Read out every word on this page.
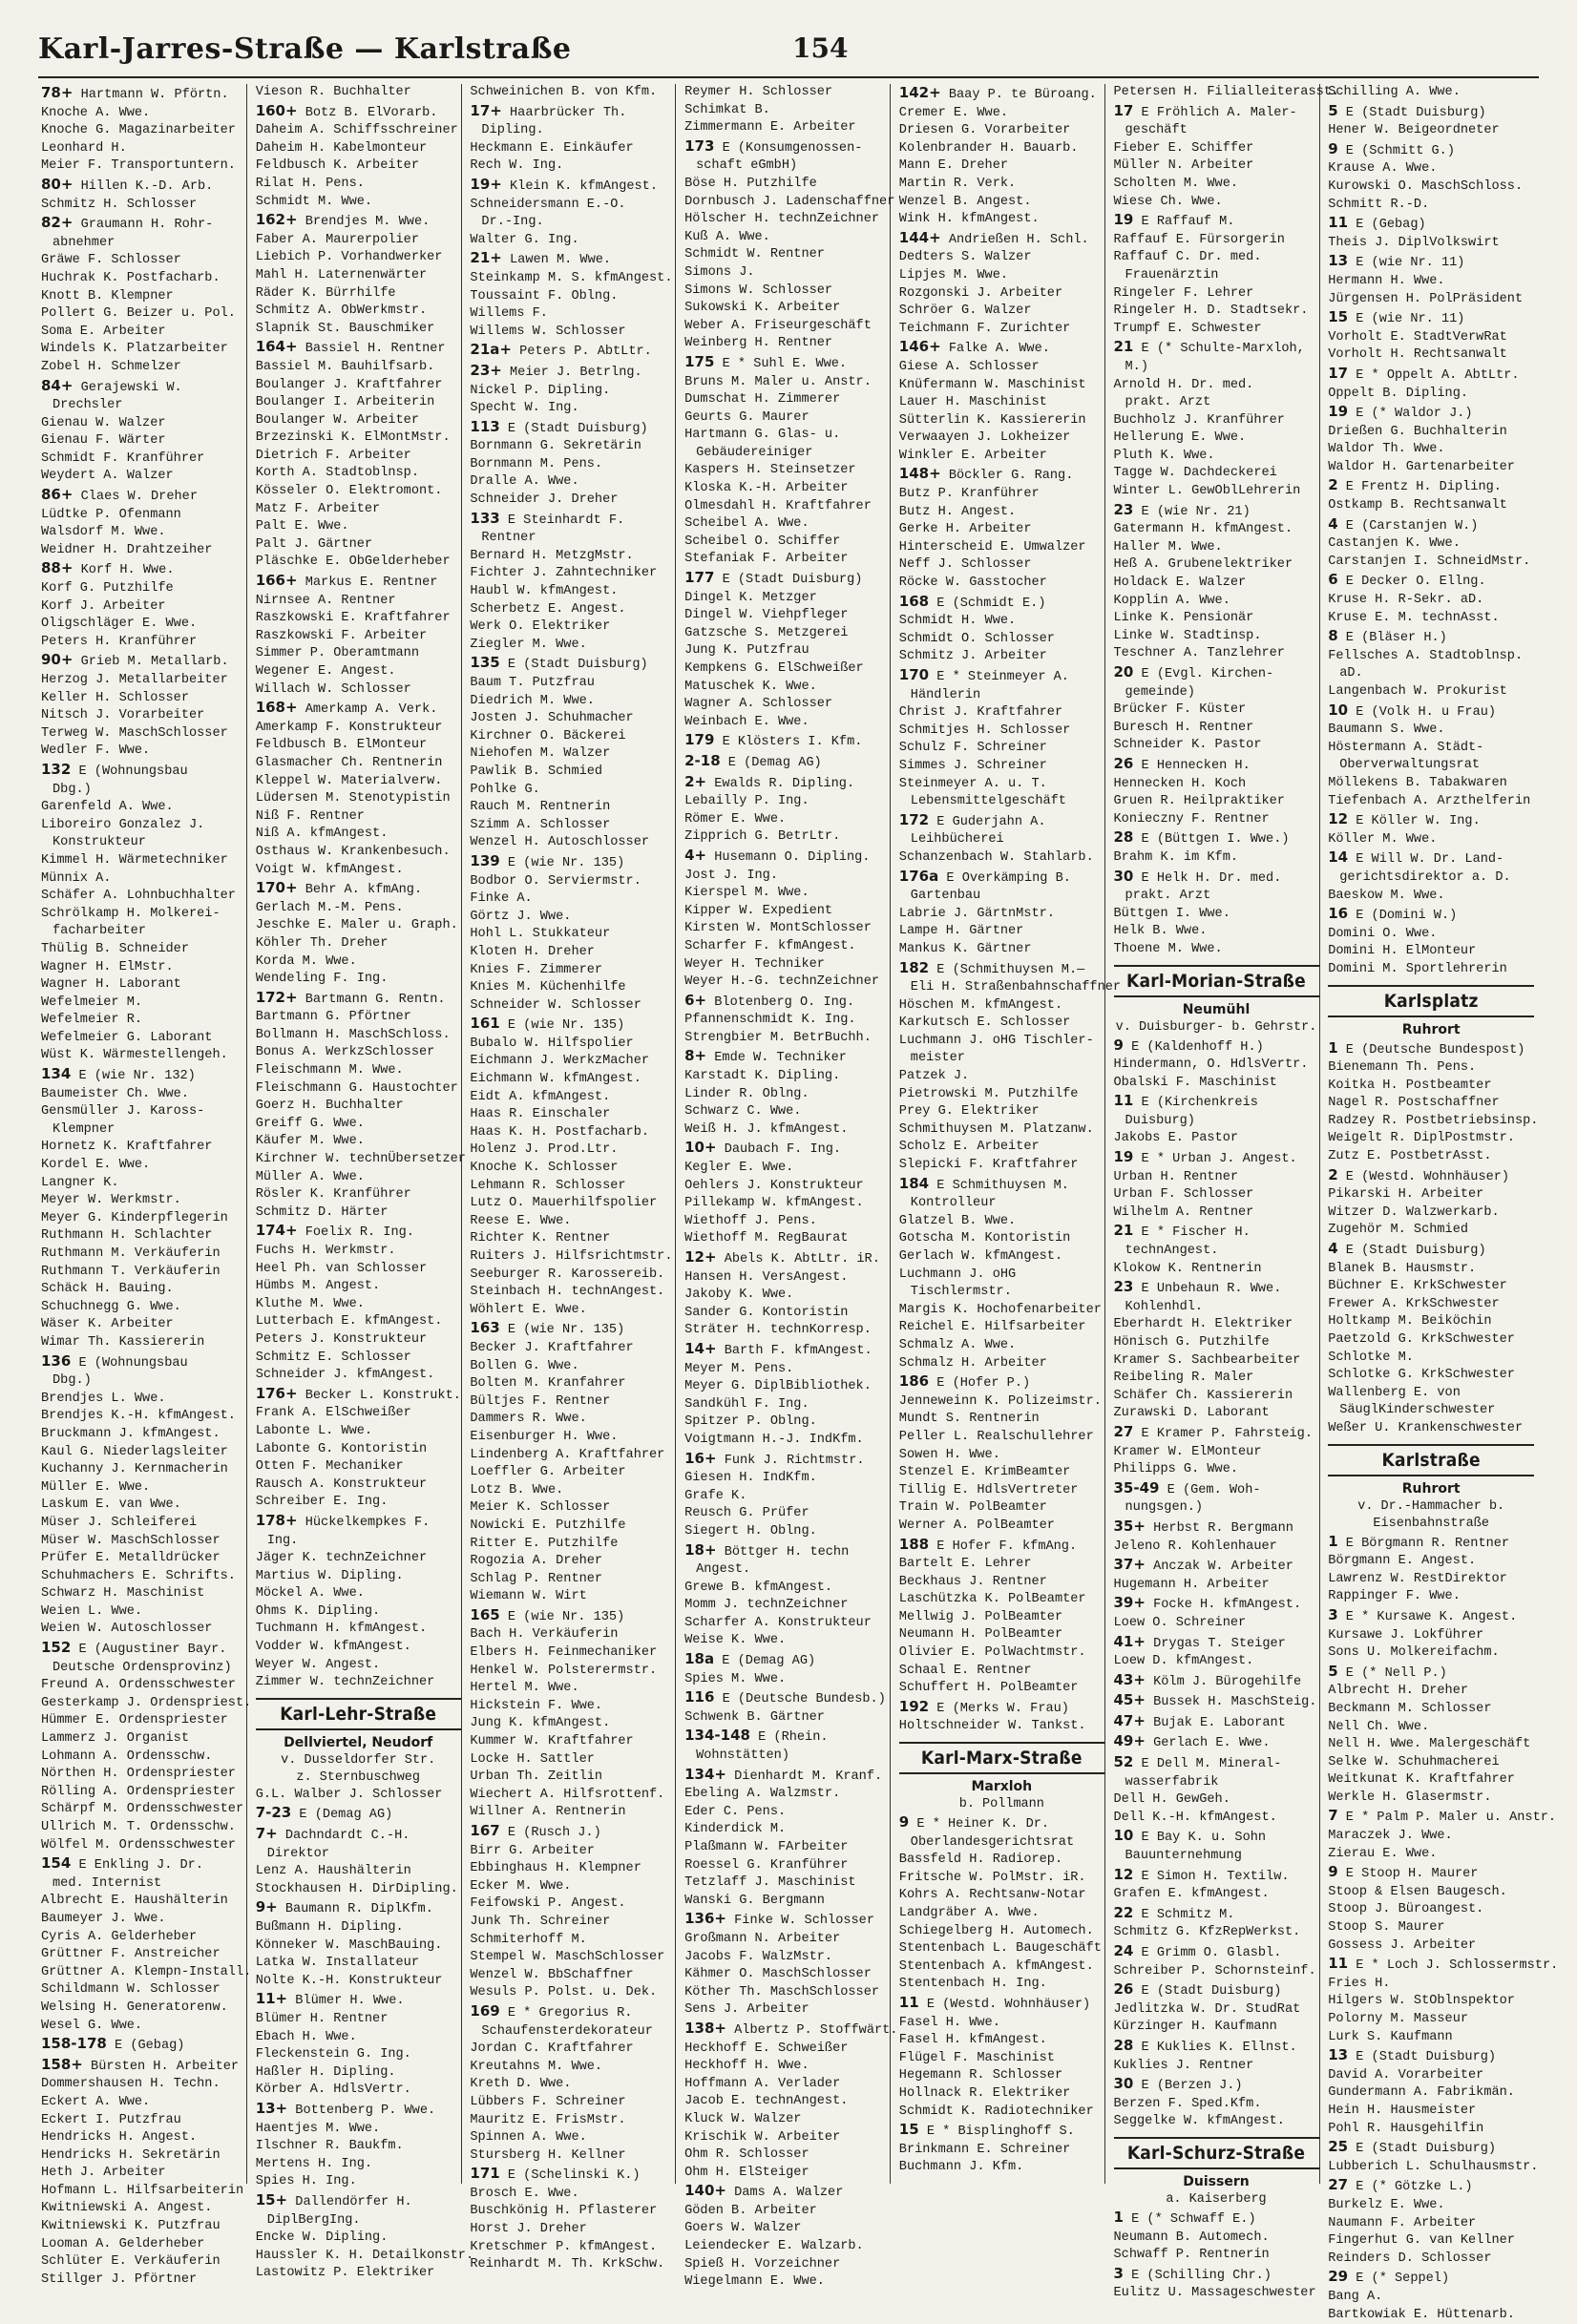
Karl-Jarres-Straße — Karlstraße	154
78+ Hartmann W. Pförtn.
Knoche A. Wwe.
Knoche G. Magazinarbeiter
Leonhard H.
Meier F. Transportuntern.
80+ Hillen K.-D. Arb.
Schmitz H. Schlosser
82+ Graumann H. Rohr-
abnehmer
Gräwe F. Schlosser
Huchrak K. Postfacharb.
Knott B. Klempner
Pollert G. Beizer u. Pol.
Soma E. Arbeiter
Windels K. Platzarbeiter
Zobel H. Schmelzer
84+ Gerajewski W.
Drechsler
Gienau W. Walzer
Gienau F. Wärter
Schmidt F. Kranführer
Weydert A. Walzer
86+ Claes W. Dreher
Lüdtke P. Ofenmann
Walsdorf M. Wwe.
Weidner H. Drahtzeiher
88+ Korf H. Wwe.
Korf G. Putzhilfe
Korf J. Arbeiter
Oligschläger E. Wwe.
Peters H. Kranführer
90+ Grieb M. Metallarb.
Herzog J. Metallarbeiter
Keller H. Schlosser
Nitsch J. Vorarbeiter
Terweg W. MaschSchlosser
Wedler F. Wwe.
132 E (Wohnungsbau
Dbg.)
Garenfeld A. Wwe.
Liboreiro Gonzalez J.
Konstrukteur
Kimmel H. Wärmetechniker
Münnix A.
Schäfer A. Lohnbuchhalter
Schrölkamp H. Molkerei-
facharbeiter
Thülig B. Schneider
Wagner H. ElMstr.
Wagner H. Laborant
Wefelmeier M.
Wefelmeier R.
Wefelmeier G. Laborant
Wüst K. Wärmestellengeh.
134 E (wie Nr. 132)
Baumeister Ch. Wwe.
Gensmüller J. Kaross-
Klempner
Hornetz K. Kraftfahrer
Kordel E. Wwe.
Langner K.
Meyer W. Werkmstr.
Meyer G. Kinderpflegerin
Ruthmann H. Schlachter
Ruthmann M. Verkäuferin
Ruthmann T. Verkäuferin
Schäck H. Bauing.
Schuchnegg G. Wwe.
Wäser K. Arbeiter
Wimar Th. Kassiererin
136 E (Wohnungsbau
Dbg.)
Brendjes L. Wwe.
Brendjes K.-H. kfmAngest.
Bruckmann J. kfmAngest.
Kaul G. Niederlagsleiter
Kuchanny J. Kernmacherin
Müller E. Wwe.
Laskum E. van Wwe.
Müser J. Schleiferei
Müser W. MaschSchlosser
Prüfer E. Metalldrücker
Schuhmachers E. Schrifts.
Schwarz H. Maschinist
Weien L. Wwe.
Weien W. Autoschlosser
152 E (Augustiner Bayr.
Deutsche Ordensprovinz)
Freund A. Ordensschwester
Gesterkamp J. Ordenspriest.
Hümmer E. Ordenspriester
Lammerz J. Organist
Lohmann A. Ordensschw.
Nörthen H. Ordenspriester
Rölling A. Ordenspriester
Schärpf M. Ordensschwester
Ullrich M. T. Ordensschw.
Wölfel M. Ordensschwester
154 E Enkling J. Dr.
med. Internist
Albrecht E. Haushälterin
Baumeyer J. Wwe.
Cyris A. Gelderheber
Grüttner F. Anstreicher
Grüttner A. Klempn-Install.
Schildmann W. Schlosser
Welsing H. Generatorenw.
Wesel G. Wwe.
158-178 E (Gebag)
158+ Bürsten H. Arbeiter
Dommershausen H. Techn.
Eckert A. Wwe.
Eckert I. Putzfrau
Hendricks H. Angest.
Hendricks H. Sekretärin
Heth J. Arbeiter
Hofmann L. Hilfsarbeiterin
Kwitniewski A. Angest.
Kwitniewski K. Putzfrau
Looman A. Gelderheber
Schlüter E. Verkäuferin
Stillger J. Pförtner
Vieson R. Buchhalter
160+ Botz B. ElVorarb.
Daheim A. Schiffsschreiner
Daheim H. Kabelmonteur
Feldbusch K. Arbeiter
Rilat H. Pens.
Schmidt M. Wwe.
162+ Brendjes M. Wwe.
Faber A. Maurerpolier
Liebich P. Vorhandwerker
Mahl H. Laternenwärter
Räder K. Bürrhilfe
Schmitz A. ObWerkmstr.
Slapnik St. Bauschmiker
164+ Bassiel H. Rentner
Bassiel M. Bauhilfsarb.
Boulanger J. Kraftfahrer
Boulanger I. Arbeiterin
Boulanger W. Arbeiter
Brzezinski K. ElMontMstr.
Dietrich F. Arbeiter
Korth A. Stadtoblnsp.
Kösseler O. Elektromont.
Matz F. Arbeiter
Palt E. Wwe.
Palt J. Gärtner
Pläschke E. ObGelderheber
166+ Markus E. Rentner
Nirnsee A. Rentner
Raszkowski E. Kraftfahrer
Raszkowski F. Arbeiter
Simmer P. Oberamtmann
Wegener E. Angest.
Willach W. Schlosser
168+ Amerkamp A. Verk.
Amerkamp F. Konstrukteur
Feldbusch B. ElMonteur
Glasmacher Ch. Rentnerin
Kleppel W. Materialverw.
Lüdersen M. Stenotypistin
Niß F. Rentner
Niß A. kfmAngest.
Osthaus W. Krankenbesuch.
Voigt W. kfmAngest.
170+ Behr A. kfmAng.
Gerlach M.-M. Pens.
Jeschke E. Maler u. Graph.
Köhler Th. Dreher
Korda M. Wwe.
Wendeling F. Ing.
172+ Bartmann G. Rentn.
Bartmann G. Pförtner
Bollmann H. MaschSchloss.
Bonus A. WerkzSchlosser
Fleischmann M. Wwe.
Fleischmann G. Haustochter
Goerz H. Buchhalter
Greiff G. Wwe.
Käufer M. Wwe.
Kirchner W. technÜbersetzer
Müller A. Wwe.
Rösler K. Kranführer
Schmitz D. Härter
174+ Foelix R. Ing.
Fuchs H. Werkmstr.
Heel Ph. van Schlosser
Hümbs M. Angest.
Kluthe M. Wwe.
Lutterbach E. kfmAngest.
Peters J. Konstrukteur
Schmitz E. Schlosser
Schneider J. kfmAngest.
176+ Becker L. Konstrukt.
Frank A. ElSchweißer
Labonte L. Wwe.
Labonte G. Kontoristin
Otten F. Mechaniker
Rausch A. Konstrukteur
Schreiber E. Ing.
178+ Hückelkempkes F.
Ing.
Jäger K. technZeichner
Martius W. Dipling.
Möckel A. Wwe.
Ohms K. Dipling.
Tuchmann H. kfmAngest.
Vodder W. kfmAngest.
Weyer W. Angest.
Zimmer W. technZeichner
Karl-Lehr-Straße
Dellviertel, Neudorf
v. Dusseldorfer Str.
z. Sternbuschweg
G.L. Walber J. Schlosser
7-23 E (Demag AG)
7+ Dachndardt C.-H.
Direktor
Lenz A. Haushälterin
Stockhausen H. DirDipling.
9+ Baumann R. DiplKfm.
Bußmann H. Dipling.
Könneker W. MaschBauing.
Latka W. Installateur
Nolte K.-H. Konstrukteur
11+ Blümer H. Wwe.
Blümer H. Rentner
Ebach H. Wwe.
Fleckenstein G. Ing.
Haßler H. Dipling.
Körber A. HdlsVertr.
13+ Bottenberg P. Wwe.
Haentjes M. Wwe.
Ilschner R. Baukfm.
Mertens H. Ing.
Spies H. Ing.
15+ Dallendörfer H.
DiplBergIng.
Encke W. Dipling.
Haussler K. H. Detailkonstr.
Lastowitz P. Elektriker
Schweinichen B. von Kfm.
17+ Haarbrücker Th.
Dipling.
Heckmann E. Einkäufer
Rech W. Ing.
19+ Klein K. kfmAngest.
Schneidersmann E.-O.
Dr.-Ing.
Walter G. Ing.
21+ Lawen M. Wwe.
Steinkamp M. S. kfmAngest.
Toussaint F. Oblng.
Willems F.
Willems W. Schlosser
21a+ Peters P. AbtLtr.
23+ Meier J. Betrlng.
Nickel P. Dipling.
Specht W. Ing.
113 E (Stadt Duisburg)
Bornmann G. Sekretärin
Bornmann M. Pens.
Dralle A. Wwe.
Schneider J. Dreher
133 E Steinhardt F.
Rentner
Bernard H. MetzgMstr.
Fichter J. Zahntechniker
Haubl W. kfmAngest.
Scherbetz E. Angest.
Werk O. Elektriker
Ziegler M. Wwe.
135 E (Stadt Duisburg)
Baum T. Putzfrau
Diedrich M. Wwe.
Josten J. Schuhmacher
Kirchner O. Bäckerei
Niehofen M. Walzer
Pawlik B. Schmied
Pohlke G.
Rauch M. Rentnerin
Szimm A. Schlosser
Wenzel H. Autoschlosser
139 E (wie Nr. 135)
Bodbor O. Serviermstr.
Finke A.
Görtz J. Wwe.
Hohl L. Stukkateur
Kloten H. Dreher
Knies F. Zimmerer
Knies M. Küchenhilfe
Schneider W. Schlosser
161 E (wie Nr. 135)
Bubalo W. Hilfspolier
Eichmann J. WerkzMacher
Eichmann W. kfmAngest.
Eidt A. kfmAngest.
Haas R. Einschaler
Haas K. H. Postfacharb.
Holenz J. Prod.Ltr.
Knoche K. Schlosser
Lehmann R. Schlosser
Lutz O. Mauerhilfspolier
Reese E. Wwe.
Richter K. Rentner
Ruiters J. Hilfsrichtmstr.
Seeburger R. Karossereib.
Steinbach H. technAngest.
Wöhlert E. Wwe.
163 E (wie Nr. 135)
Becker J. Kraftfahrer
Bollen G. Wwe.
Bolten M. Kranfahrer
Bültjes F. Rentner
Dammers R. Wwe.
Eisenburger H. Wwe.
Lindenberg A. Kraftfahrer
Loeffler G. Arbeiter
Lotz B. Wwe.
Meier K. Schlosser
Nowicki E. Putzhilfe
Ritter E. Putzhilfe
Rogozia A. Dreher
Schlag P. Rentner
Wiemann W. Wirt
165 E (wie Nr. 135)
Bach H. Verkäuferin
Elbers H. Feinmechaniker
Henkel W. Polsterermstr.
Hertel M. Wwe.
Hickstein F. Wwe.
Jung K. kfmAngest.
Kummer W. Kraftfahrer
Locke H. Sattler
Urban Th. Zeitlin
Wiechert A. Hilfsrottenf.
Willner A. Rentnerin
167 E (Rusch J.)
Birr G. Arbeiter
Ebbinghaus H. Klempner
Ecker M. Wwe.
Feifowski P. Angest.
Junk Th. Schreiner
Schmiterhoff M.
Stempel W. MaschSchlosser
Wenzel W. BbSchaffner
Wesuls P. Polst. u. Dek.
169 E * Gregorius R.
Schaufensterdekorateur
Jordan C. Kraftfahrer
Kreutahns M. Wwe.
Kreth D. Wwe.
Lübbers F. Schreiner
Mauritz E. FrisMstr.
Spinnen A. Wwe.
Stursberg H. Kellner
171 E (Schelinski K.)
Brosch E. Wwe.
Buschkönig H. Pflasterer
Horst J. Dreher
Kretschmer P. kfmAngest.
Reinhardt M. Th. KrkSchw.
Reymer H. Schlosser
Schimkat B.
Zimmermann E. Arbeiter
173 E (Konsumgenossen-
schaft eGmbH)
Böse H. Putzhilfe
Dornbusch J. Ladenschaffner
Hölscher H. technZeichner
Kuß A. Wwe.
Schmidt W. Rentner
Simons J.
Simons W. Schlosser
Sukowski K. Arbeiter
Weber A. Friseurgeschäft
Weinberg H. Rentner
175 E * Suhl E. Wwe.
Bruns M. Maler u. Anstr.
Dumschat H. Zimmerer
Geurts G. Maurer
Hartmann G. Glas- u.
Gebäudereiniger
Kaspers H. Steinsetzer
Kloska K.-H. Arbeiter
Olmesdahl H. Kraftfahrer
Scheibel A. Wwe.
Scheibel O. Schiffer
Stefaniak F. Arbeiter
177 E (Stadt Duisburg)
Dingel K. Metzger
Dingel W. Viehpfleger
Gatzsche S. Metzgerei
Jung K. Putzfrau
Kempkens G. ElSchweißer
Matuschek K. Wwe.
Wagner A. Schlosser
Weinbach E. Wwe.
179 E Klösters I. Kfm.
2-18 E (Demag AG)
2+ Ewalds R. Dipling.
Lebailly P. Ing.
Römer E. Wwe.
Zipprich G. BetrLtr.
4+ Husemann O. Dipling.
Jost J. Ing.
Kierspel M. Wwe.
Kipper W. Expedient
Kirsten W. MontSchlosser
Scharfer F. kfmAngest.
Weyer H. Techniker
Weyer H.-G. technZeichner
6+ Blotenberg O. Ing.
Pfannenschmidt K. Ing.
Strengbier M. BetrBuchh.
8+ Emde W. Techniker
Karstadt K. Dipling.
Linder R. Oblng.
Schwarz C. Wwe.
Weiß H. J. kfmAngest.
10+ Daubach F. Ing.
Kegler E. Wwe.
Oehlers J. Konstrukteur
Pillekamp W. kfmAngest.
Wiethoff J. Pens.
Wiethoff M. RegBaurat
12+ Abels K. AbtLtr. iR.
Hansen H. VersAngest.
Jakoby K. Wwe.
Sander G. Kontoristin
Sträter H. technKorresp.
14+ Barth F. kfmAngest.
Meyer M. Pens.
Meyer G. DiplBibliothek.
Sandkühl F. Ing.
Spitzer P. Oblng.
Voigtmann H.-J. IndKfm.
16+ Funk J. Richtmstr.
Giesen H. IndKfm.
Grafe K.
Reusch G. Prüfer
Siegert H. Oblng.
18+ Böttger H. techn
Angest.
Grewe B. kfmAngest.
Momm J. technZeichner
Scharfer A. Konstrukteur
Weise K. Wwe.
18a E (Demag AG)
Spies M. Wwe.
116 E (Deutsche Bundesb.)
Schwenk B. Gärtner
134-148 E (Rhein.
Wohnstätten)
134+ Dienhardt M. Kranf.
Ebeling A. Walzmstr.
Eder C. Pens.
Kinderdick M.
Plaßmann W. FArbeiter
Roessel G. Kranführer
Tetzlaff J. Maschinist
Wanski G. Bergmann
136+ Finke W. Schlosser
Großmann N. Arbeiter
Jacobs F. WalzMstr.
Kähmer O. MaschSchlosser
Köther Th. MaschSchlosser
Sens J. Arbeiter
138+ Albertz P. Stoffwärt.
Heckhoff E. Schweißer
Heckhoff H. Wwe.
Hoffmann A. Verlader
Jacob E. technAngest.
Kluck W. Walzer
Krischik W. Arbeiter
Ohm R. Schlosser
Ohm H. ElSteiger
140+ Dams A. Walzer
Göden B. Arbeiter
Goers W. Walzer
Leiendecker E. Walzarb.
Spieß H. Vorzeichner
Wiegelmann E. Wwe.
142+ Baay P. te Büroang.
Cremer E. Wwe.
Driesen G. Vorarbeiter
Kolenbrander H. Bauarb.
Mann E. Dreher
Martin R. Verk.
Wenzel B. Angest.
Wink H. kfmAngest.
144+ Andrießen H. Schl.
Dedters S. Walzer
Lipjes M. Wwe.
Rozgonski J. Arbeiter
Schröer G. Walzer
Teichmann F. Zurichter
146+ Falke A. Wwe.
Giese A. Schlosser
Knüfermann W. Maschinist
Lauer H. Maschinist
Sütterlin K. Kassiererin
Verwaayen J. Lokheizer
Winkler E. Arbeiter
148+ Böckler G. Rang.
Butz P. Kranführer
Butz H. Angest.
Gerke H. Arbeiter
Hinterscheid E. Umwalzer
Neff J. Schlosser
Röcke W. Gasstocher
168 E (Schmidt E.)
Schmidt H. Wwe.
Schmidt O. Schlosser
Schmitz J. Arbeiter
170 E * Steinmeyer A.
Händlerin
Christ J. Kraftfahrer
Schmitjes H. Schlosser
Schulz F. Schreiner
Simmes J. Schreiner
Steinmeyer A. u. T.
Lebensmittelgeschäft
172 E Guderjahn A.
Leihbücherei
Schanzenbach W. Stahlarb.
176a E Overkämping B.
Gartenbau
Labrie J. GärtnMstr.
Lampe H. Gärtner
Mankus K. Gärtner
182 E (Schmithuysen M.—
Eli H. Straßenbahnschaffner
Höschen M. kfmAngest.
Karkutsch E. Schlosser
Luchmann J. oHG Tischler-
meister
Patzek J.
Pietrowski M. Putzhilfe
Prey G. Elektriker
Schmithuysen M. Platzanw.
Scholz E. Arbeiter
Slepicki F. Kraftfahrer
184 E Schmithuysen M.
Kontrolleur
Glatzel B. Wwe.
Gotscha M. Kontoristin
Gerlach W. kfmAngest.
Luchmann J. oHG
Tischlermstr.
Margis K. Hochofenarbeiter
Reichel E. Hilfsarbeiter
Schmalz A. Wwe.
Schmalz H. Arbeiter
186 E (Hofer P.)
Jenneweinn K. Polizeimstr.
Mundt S. Rentnerin
Peller L. Realschullehrer
Sowen H. Wwe.
Stenzel E. KrimBeamter
Tillig E. HdlsVertreter
Train W. PolBeamter
Werner A. PolBeamter
188 E Hofer F. kfmAng.
Bartelt E. Lehrer
Beckhaus J. Rentner
Laschützka K. PolBeamter
Mellwig J. PolBeamter
Neumann H. PolBeamter
Olivier E. PolWachtmstr.
Schaal E. Rentner
Schuffert H. PolBeamter
192 E (Merks W. Frau)
Holtschneider W. Tankst.
Karl-Marx-Straße
Marxloh
b. Pollmann
9 E * Heiner K. Dr.
Oberlandesgerichtsrat
Bassfeld H. Radiorep.
Fritsche W. PolMstr. iR.
Kohrs A. Rechtsanw-Notar
Landgräber A. Wwe.
Schiegelberg H. Automech.
Stentenbach L. Baugeschäft
Stentenbach A. kfmAngest.
Stentenbach H. Ing.
11 E (Westd. Wohnhäuser)
Fasel H. Wwe.
Fasel H. kfmAngest.
Flügel F. Maschinist
Hegemann R. Schlosser
Hollnack R. Elektriker
Schmidt K. Radiotechniker
15 E * Bisplinghoff S.
Brinkmann E. Schreiner
Buchmann J. Kfm.
Petersen H. Filialleiterasst.
17 E Fröhlich A. Maler-
geschäft
Fieber E. Schiffer
Müller N. Arbeiter
Scholten M. Wwe.
Wiese Ch. Wwe.
19 E Raffauf M.
Raffauf E. Fürsorgerin
Raffauf C. Dr. med.
Frauenärztin
Ringeler F. Lehrer
Ringeler H. D. Stadtsekr.
Trumpf E. Schwester
21 E (* Schulte-Marxloh,
M.)
Arnold H. Dr. med.
prakt. Arzt
Buchholz J. Kranführer
Hellerung E. Wwe.
Pluth K. Wwe.
Tagge W. Dachdeckerei
Winter L. GewOblLehrerin
23 E (wie Nr. 21)
Gatermann H. kfmAngest.
Haller M. Wwe.
Heß A. Grubenelektriker
Holdack E. Walzer
Kopplin A. Wwe.
Linke K. Pensionär
Linke W. Stadtinsp.
Teschner A. Tanzlehrer
20 E (Evgl. Kirchen-
gemeinde)
Brücker F. Küster
Buresch H. Rentner
Schneider K. Pastor
26 E Hennecken H.
Hennecken H. Koch
Gruen R. Heilpraktiker
Konieczny F. Rentner
28 E (Büttgen I. Wwe.)
Brahm K. im Kfm.
30 E Helk H. Dr. med.
prakt. Arzt
Büttgen I. Wwe.
Helk B. Wwe.
Thoene M. Wwe.
Karl-Morian-Straße
Neumühl
v. Duisburger- b. Gehrstr.
9 E (Kaldenhoff H.)
Hindermann, O. HdlsVertr.
Obalski F. Maschinist
11 E (Kirchenkreis
Duisburg)
Jakobs E. Pastor
19 E * Urban J. Angest.
Urban H. Rentner
Urban F. Schlosser
Wilhelm A. Rentner
21 E * Fischer H.
technAngest.
Klokow K. Rentnerin
23 E Unbehaun R. Wwe.
Kohlenhdl.
Eberhardt H. Elektriker
Hönisch G. Putzhilfe
Kramer S. Sachbearbeiter
Reibeling R. Maler
Schäfer Ch. Kassiererin
Zurawski D. Laborant
27 E Kramer P. Fahrsteig.
Kramer W. ElMonteur
Philipps G. Wwe.
35-49 E (Gem. Woh-
nungsgen.)
35+ Herbst R. Bergmann
Jeleno R. Kohlenhauer
37+ Anczak W. Arbeiter
Hugemann H. Arbeiter
39+ Focke H. kfmAngest.
Loew O. Schreiner
41+ Drygas T. Steiger
Loew D. kfmAngest.
43+ Kölm J. Bürogehilfe
45+ Bussek H. MaschSteig.
47+ Bujak E. Laborant
49+ Gerlach E. Wwe.
52 E Dell M. Mineral-
wasserfabrik
Dell H. GewGeh.
Dell K.-H. kfmAngest.
10 E Bay K. u. Sohn
Bauunternehmung
12 E Simon H. Textilw.
Grafen E. kfmAngest.
22 E Schmitz M.
Schmitz G. KfzRepWerkst.
24 E Grimm O. Glasbl.
Schreiber P. Schornsteinf.
26 E (Stadt Duisburg)
Jedlitzka W. Dr. StudRat
Kürzinger H. Kaufmann
28 E Kuklies K. Ellnst.
Kuklies J. Rentner
30 E (Berzen J.)
Berzen F. Sped.Kfm.
Seggelke W. kfmAngest.
Karl-Schurz-Straße
Duissern
a. Kaiserberg
1 E (* Schwaff E.)
Neumann B. Automech.
Schwaff P. Rentnerin
3 E (Schilling Chr.)
Eulitz U. Massageschwester
Schilling A. Wwe.
5 E (Stadt Duisburg)
Hener W. Beigeordneter
9 E (Schmitt G.)
Krause A. Wwe.
Kurowski O. MaschSchloss.
Schmitt R.-D.
11 E (Gebag)
Theis J. DiplVolkswirt
13 E (wie Nr. 11)
Hermann H. Wwe.
Jürgensen H. PolPräsident
15 E (wie Nr. 11)
Vorholt E. StadtVerwRat
Vorholt H. Rechtsanwalt
17 E * Oppelt A. AbtLtr.
Oppelt B. Dipling.
19 E (* Waldor J.)
Drießen G. Buchhalterin
Waldor Th. Wwe.
Waldor H. Gartenarbeiter
2 E Frentz H. Dipling.
Ostkamp B. Rechtsanwalt
4 E (Carstanjen W.)
Castanjen K. Wwe.
Carstanjen I. SchneidMstr.
6 E Decker O. Ellng.
Kruse H. R-Sekr. aD.
Kruse E. M. technAsst.
8 E (Bläser H.)
Fellsches A. Stadtoblnsp.
aD.
Langenbach W. Prokurist
10 E (Volk H. u Frau)
Baumann S. Wwe.
Höstermann A. Städt-
Oberverwaltungsrat
Möllekens B. Tabakwaren
Tiefenbach A. Arzthelferin
12 E Köller W. Ing.
Köller M. Wwe.
14 E Will W. Dr. Land-
gerichtsdirektor a. D.
Baeskow M. Wwe.
16 E (Domini W.)
Domini O. Wwe.
Domini H. ElMonteur
Domini M. Sportlehrerin
Karlsplatz
Ruhrort
1 E (Deutsche Bundespost)
Bienemann Th. Pens.
Koitka H. Postbeamter
Nagel R. Postschaffner
Radzey R. Postbetriebsinsp.
Weigelt R. DiplPostmstr.
Zutz E. PostbetrAsst.
2 E (Westd. Wohnhäuser)
Pikarski H. Arbeiter
Witzer D. Walzwerkarb.
Zugehör M. Schmied
4 E (Stadt Duisburg)
Blanek B. Hausmstr.
Büchner E. KrkSchwester
Frewer A. KrkSchwester
Holtkamp M. Beiköchin
Paetzold G. KrkSchwester
Schlotke M.
Schlotke G. KrkSchwester
Wallenberg E. von
SäuglKinderschwester
Weßer U. Krankenschwester
Karlstraße
Ruhrort
v. Dr.-Hammacher b.
Eisenbahnstraße
1 E Börgmann R. Rentner
Börgmann E. Angest.
Lawrenz W. RestDirektor
Rappinger F. Wwe.
3 E * Kursawe K. Angest.
Kursawe J. Lokführer
Sons U. Molkereifachm.
5 E (* Nell P.)
Albrecht H. Dreher
Beckmann M. Schlosser
Nell Ch. Wwe.
Nell H. Wwe. Malergeschäft
Selke W. Schuhmacherei
Weitkunat K. Kraftfahrer
Werkle H. Glasermstr.
7 E * Palm P. Maler u. Anstr.
Maraczek J. Wwe.
Zierau E. Wwe.
9 E Stoop H. Maurer
Stoop & Elsen Baugesch.
Stoop J. Büroangest.
Stoop S. Maurer
Gossess J. Arbeiter
11 E * Loch J. Schlossermstr.
Fries H.
Hilgers W. StOblnspektor
Polorny M. Masseur
Lurk S. Kaufmann
13 E (Stadt Duisburg)
David A. Vorarbeiter
Gundermann A. Fabrikmän.
Hein H. Hausmeister
Pohl R. Hausgehilfin
25 E (Stadt Duisburg)
Lubberich L. Schulhausmstr.
27 E (* Götzke L.)
Burkelz E. Wwe.
Naumann F. Arbeiter
Fingerhut G. van Kellner
Reinders D. Schlosser
29 E (* Seppel)
Bang A.
Bartkowiak E. Hüttenarb.
